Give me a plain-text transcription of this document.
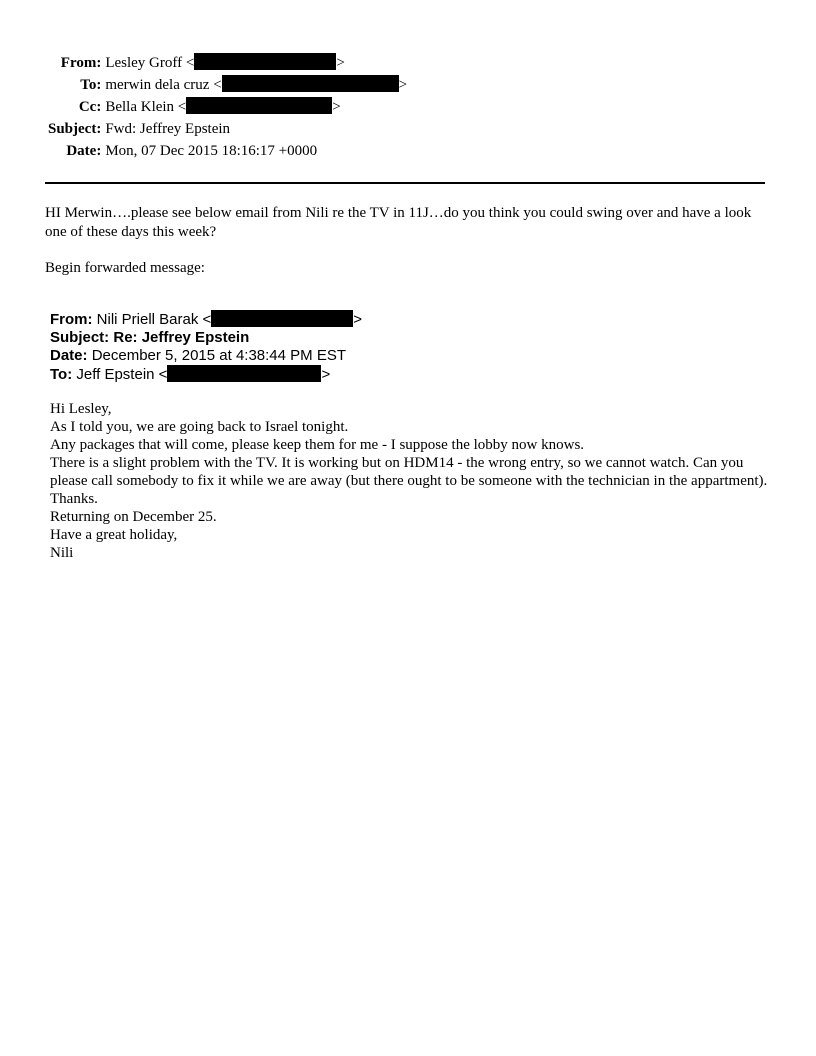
From:	Lesley Groff < >
To:	merwin dela cruz < >
Cc:	Bella Klein < >
Subject:	Fwd: Jeffrey Epstein
Date:	Mon, 07 Dec 2015 18:16:17 +0000

HI Merwin….please see below email from Nili re the TV in 11J…do you think you could swing over and have a look one of these days this week?

Begin forwarded message:
From: Nili Priell Barak <	>
Subject: Re: Jeffrey Epstein
Date: December 5, 2015 at 4:38:44 PM EST
To: Jeff Epstein <	>

Hi Lesley,

As I told you, we are going back to Israel tonight.

Any packages that will come, please keep them for me - I suppose the lobby now knows.

There is a slight problem with the TV. It is working but on HDM14 - the wrong entry, so we cannot watch. Can you please call somebody to fix it while we are away (but there ought to be someone with the technician in the appartment). Thanks.

Returning on December 25.

Have a great holiday,

Nili
